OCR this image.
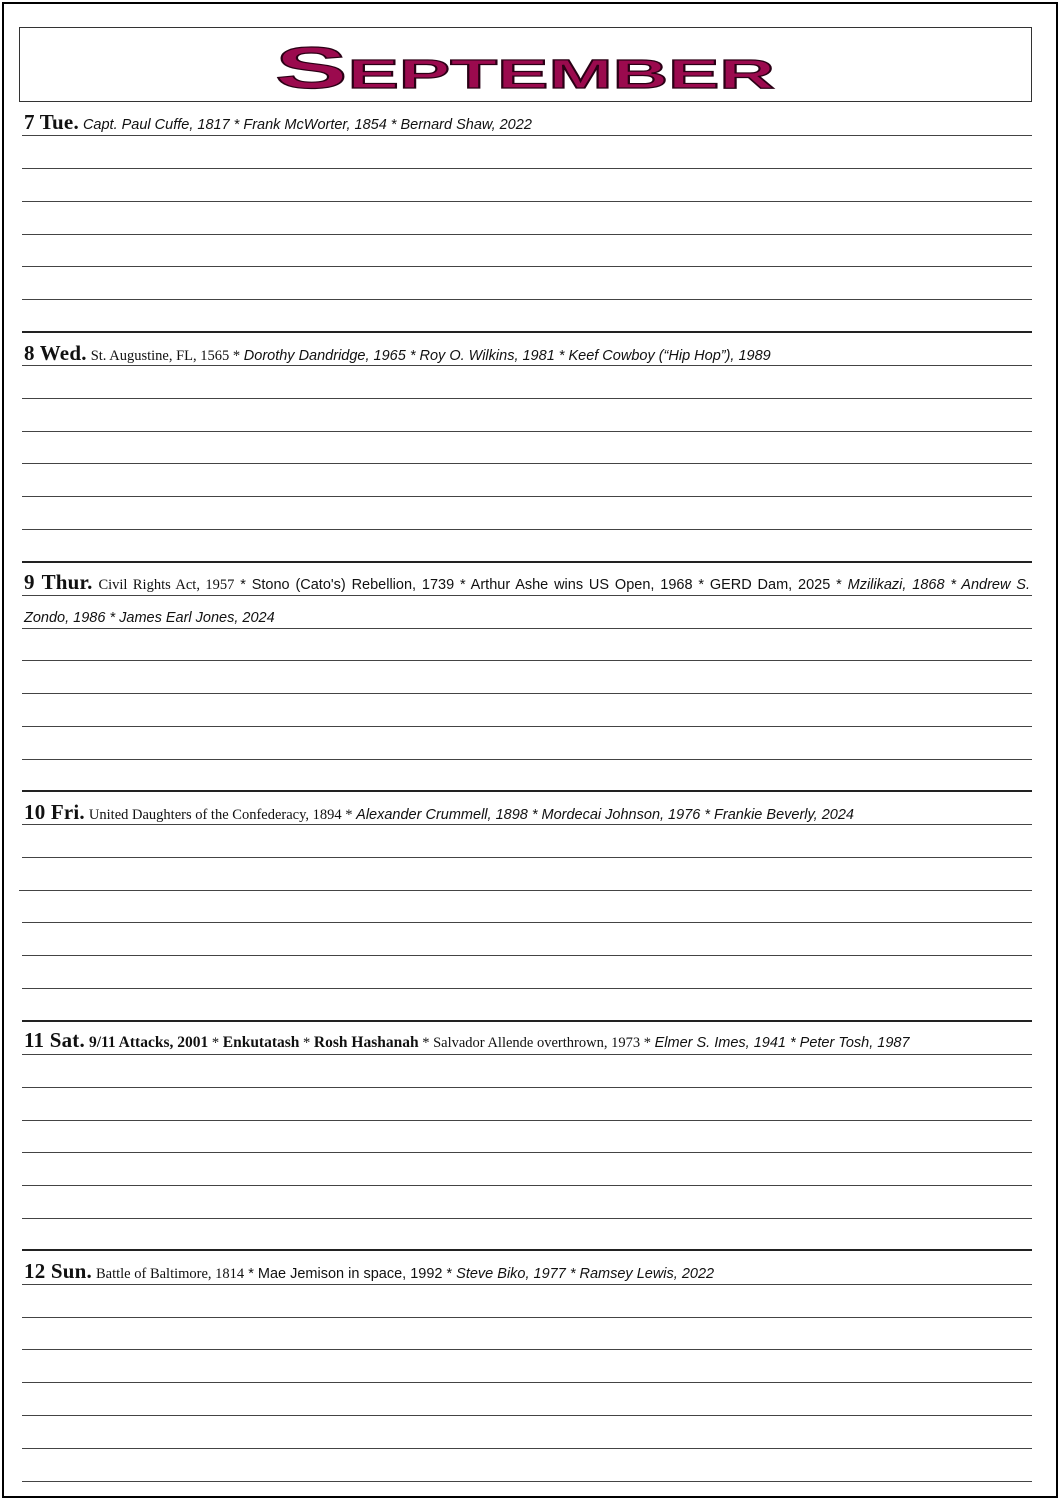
September
7 Tue. Capt. Paul Cuffe, 1817 * Frank McWorter, 1854 * Bernard Shaw, 2022
8 Wed. St. Augustine, FL, 1565 * Dorothy Dandridge, 1965 * Roy O. Wilkins, 1981 * Keef Cowboy (“Hip Hop”), 1989
9 Thur. Civil Rights Act, 1957 * Stono (Cato's) Rebellion, 1739 * Arthur Ashe wins US Open, 1968 * GERD Dam, 2025 * Mzilikazi, 1868 * Andrew S. Zondo, 1986 * James Earl Jones, 2024
10 Fri. United Daughters of the Confederacy, 1894 * Alexander Crummell, 1898 * Mordecai Johnson, 1976 * Frankie Beverly, 2024
11 Sat. 9/11 Attacks, 2001 * Enkutatash * Rosh Hashanah * Salvador Allende overthrown, 1973 * Elmer S. Imes, 1941 * Peter Tosh, 1987
12 Sun. Battle of Baltimore, 1814 * Mae Jemison in space, 1992 * Steve Biko, 1977 * Ramsey Lewis, 2022
